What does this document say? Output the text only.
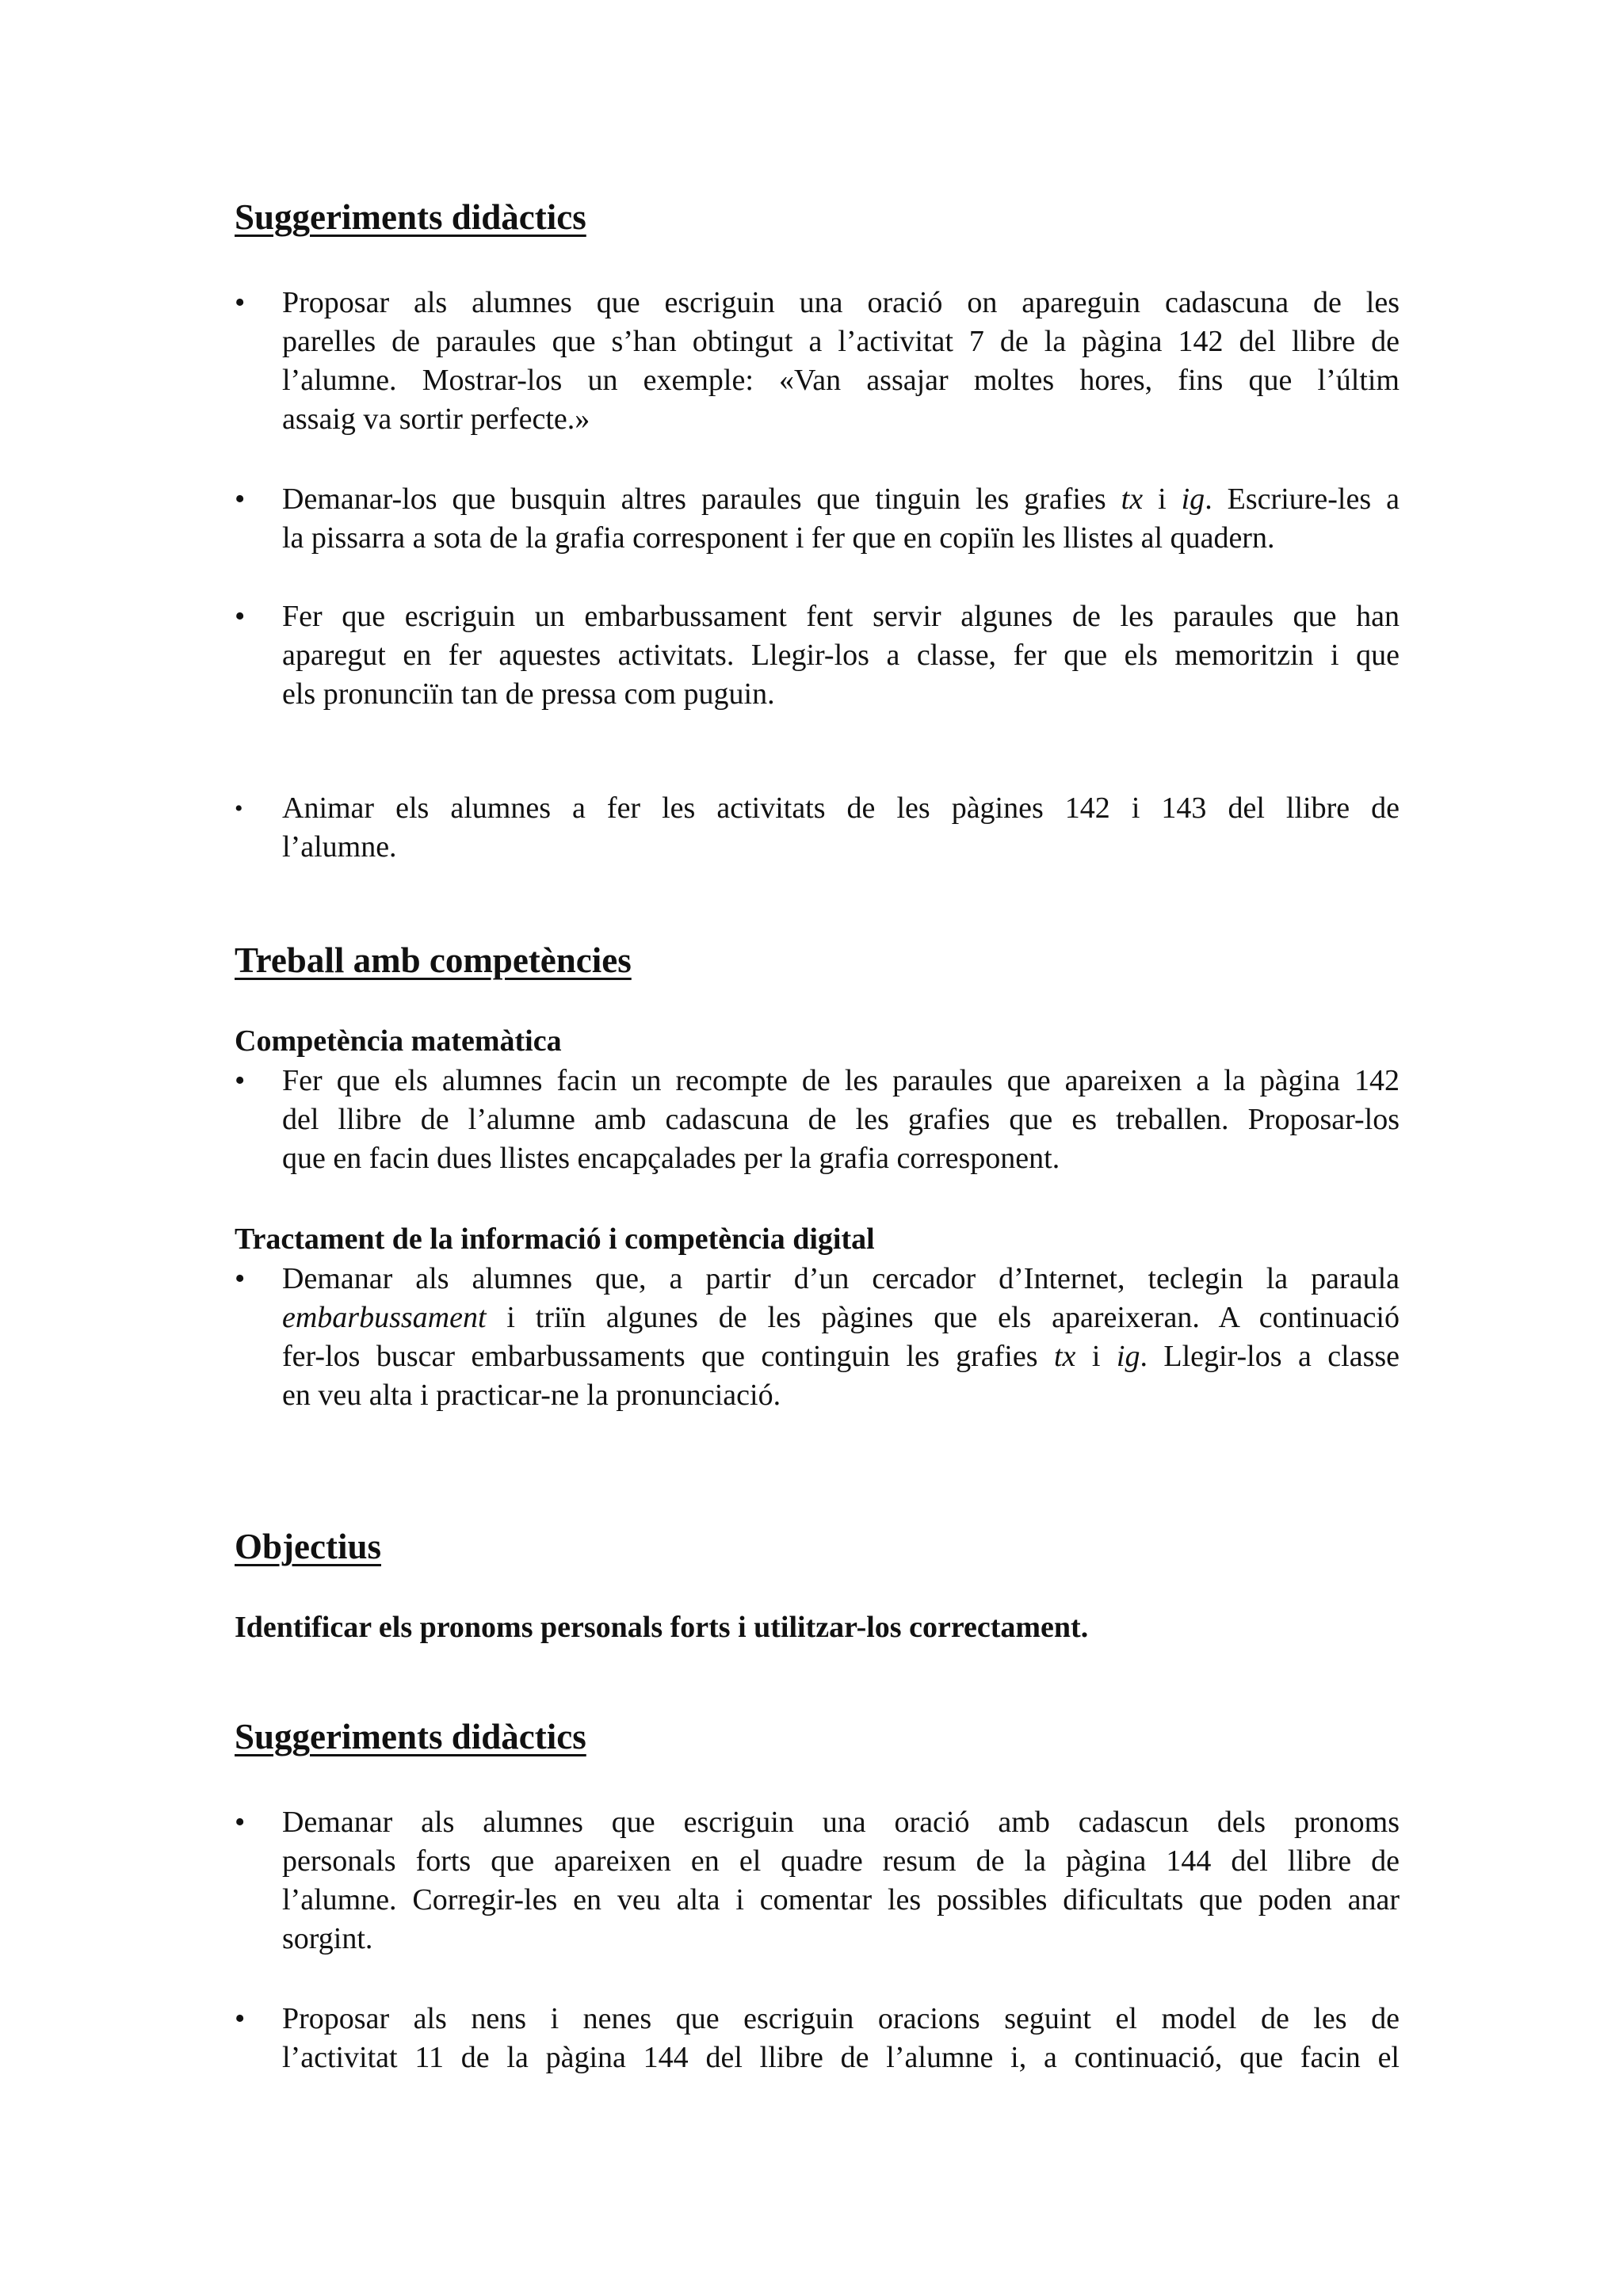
Suggeriments didàctics
• Proposar als alumnes que escriguin una oració on apareguin cadascuna de les
parelles de paraules que s’han obtingut a l’activitat 7 de la pàgina 142 del llibre de
l’alumne. Mostrar-los un exemple: «Van assajar moltes hores, fins que l’últim
assaig va sortir perfecte.»
• Demanar-los que busquin altres paraules que tinguin les grafies tx i ig. Escriure-les a
la pissarra a sota de la grafia corresponent i fer que en copiïn les llistes al quadern.
• Fer que escriguin un embarbussament fent servir algunes de les paraules que han
aparegut en fer aquestes activitats. Llegir-los a classe, fer que els memoritzin i que
els pronunciïn tan de pressa com puguin.
• Animar els alumnes a fer les activitats de les pàgines 142 i 143 del llibre de
l’alumne.
Treball amb competències
Competència matemàtica
• Fer que els alumnes facin un recompte de les paraules que apareixen a la pàgina 142
del llibre de l’alumne amb cadascuna de les grafies que es treballen. Proposar-los
que en facin dues llistes encapçalades per la grafia corresponent.
Tractament de la informació i competència digital
• Demanar als alumnes que, a partir d’un cercador d’Internet, teclegin la paraula
embarbussament i triïn algunes de les pàgines que els apareixeran. A continuació
fer-los buscar embarbussaments que continguin les grafies tx i ig. Llegir-los a classe
en veu alta i practicar-ne la pronunciació.
Objectius

Identificar els pronoms personals forts i utilitzar-los correctament.

Suggeriments didàctics
• Demanar als alumnes que escriguin una oració amb cadascun dels pronoms
personals forts que apareixen en el quadre resum de la pàgina 144 del llibre de
l’alumne. Corregir-les en veu alta i comentar les possibles dificultats que poden anar
sorgint.
• Proposar als nens i nenes que escriguin oracions seguint el model de les de
l’activitat 11 de la pàgina 144 del llibre de l’alumne i, a continuació, que facin el
